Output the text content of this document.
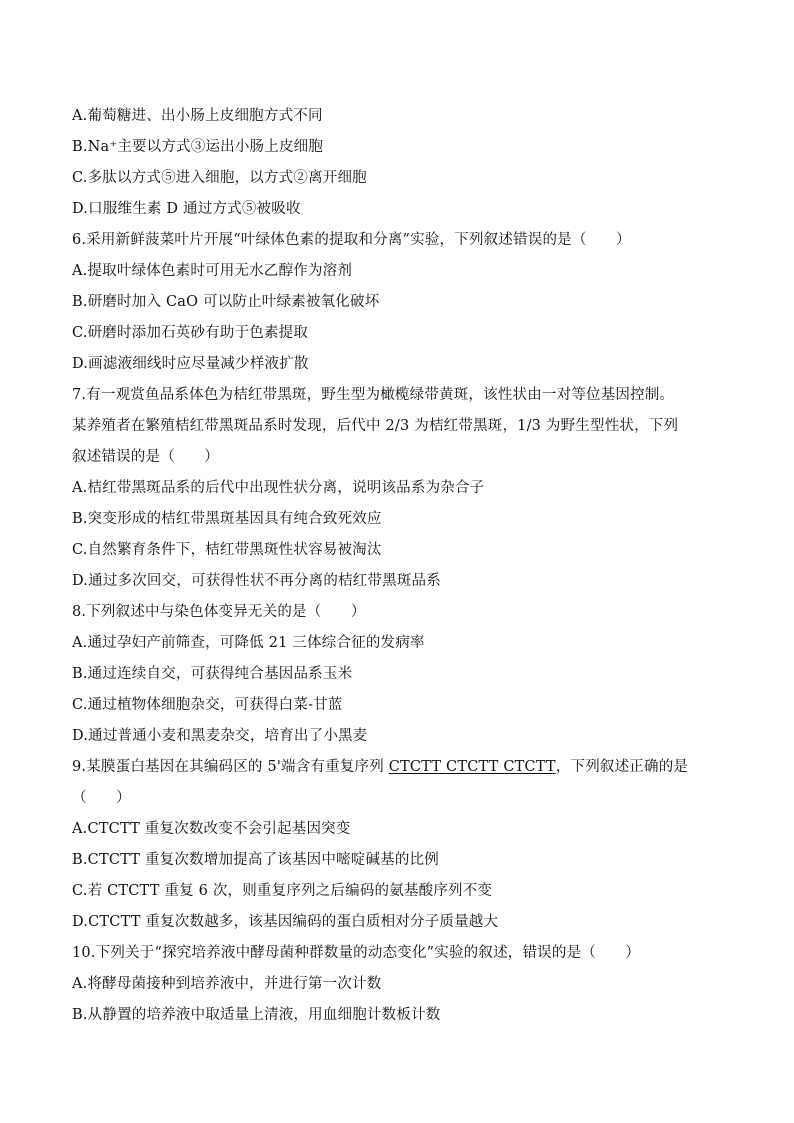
A.葡萄糖进、出小肠上皮细胞方式不同
B.Na⁺主要以方式③运出小肠上皮细胞
C.多肽以方式⑤进入细胞，以方式②离开细胞
D.口服维生素 D 通过方式⑤被吸收
6.采用新鲜菠菜叶片开展“叶绿体色素的提取和分离”实验，下列叙述错误的是（　　）
A.提取叶绿体色素时可用无水乙醇作为溶剂
B.研磨时加入 CaO 可以防止叶绿素被氧化破坏
C.研磨时添加石英砂有助于色素提取
D.画滤液细线时应尽量减少样液扩散
7.有一观赏鱼品系体色为桔红带黑斑，野生型为橄榄绿带黄斑，该性状由一对等位基因控制。
某养殖者在繁殖桔红带黑斑品系时发现，后代中 2/3 为桔红带黑斑，1/3 为野生型性状，下列
叙述错误的是（　　）
A.桔红带黑斑品系的后代中出现性状分离，说明该品系为杂合子
B.突变形成的桔红带黑斑基因具有纯合致死效应
C.自然繁育条件下，桔红带黑斑性状容易被淘汰
D.通过多次回交，可获得性状不再分离的桔红带黑斑品系
8.下列叙述中与染色体变异无关的是（　　）
A.通过孕妇产前筛查，可降低 21 三体综合征的发病率
B.通过连续自交，可获得纯合基因品系玉米
C.通过植物体细胞杂交，可获得白菜-甘蓝
D.通过普通小麦和黑麦杂交，培育出了小黑麦
9.某膜蛋白基因在其编码区的 5'端含有重复序列 CTCTT CTCTT CTCTT，下列叙述正确的是
（　　）
A.CTCTT 重复次数改变不会引起基因突变
B.CTCTT 重复次数增加提高了该基因中嘧啶碱基的比例
C.若 CTCTT 重复 6 次，则重复序列之后编码的氨基酸序列不变
D.CTCTT 重复次数越多，该基因编码的蛋白质相对分子质量越大
10.下列关于“探究培养液中酵母菌种群数量的动态变化”实验的叙述，错误的是（　　）
A.将酵母菌接种到培养液中，并进行第一次计数
B.从静置的培养液中取适量上清液，用血细胞计数板计数
